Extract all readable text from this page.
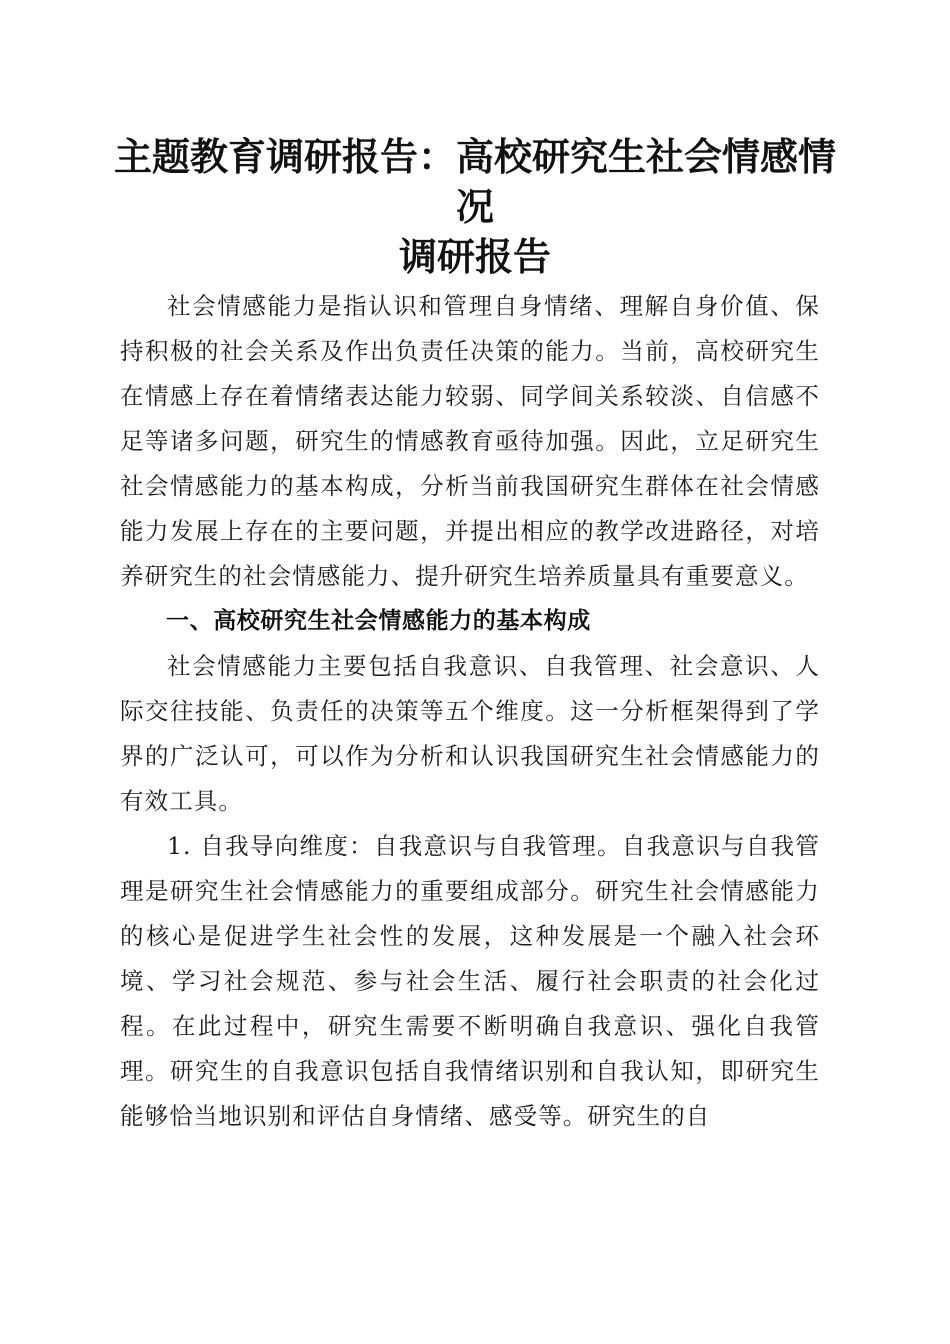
主题教育调研报告：高校研究生社会情感情况
调研报告

社会情感能力是指认识和管理自身情绪、理解自身价值、保持积极的社会关系及作出负责任决策的能力。当前，高校研究生在情感上存在着情绪表达能力较弱、同学间关系较淡、自信感不足等诸多问题，研究生的情感教育亟待加强。因此，立足研究生社会情感能力的基本构成，分析当前我国研究生群体在社会情感能力发展上存在的主要问题，并提出相应的教学改进路径，对培养研究生的社会情感能力、提升研究生培养质量具有重要意义。

一、高校研究生社会情感能力的基本构成

社会情感能力主要包括自我意识、自我管理、社会意识、人际交往技能、负责任的决策等五个维度。这一分析框架得到了学界的广泛认可，可以作为分析和认识我国研究生社会情感能力的有效工具。

1. 自我导向维度：自我意识与自我管理。自我意识与自我管理是研究生社会情感能力的重要组成部分。研究生社会情感能力的核心是促进学生社会性的发展，这种发展是一个融入社会环境、学习社会规范、参与社会生活、履行社会职责的社会化过程。在此过程中，研究生需要不断明确自我意识、强化自我管理。研究生的自我意识包括自我情绪识别和自我认知，即研究生能够恰当地识别和评估自身情绪、感受等。研究生的自
